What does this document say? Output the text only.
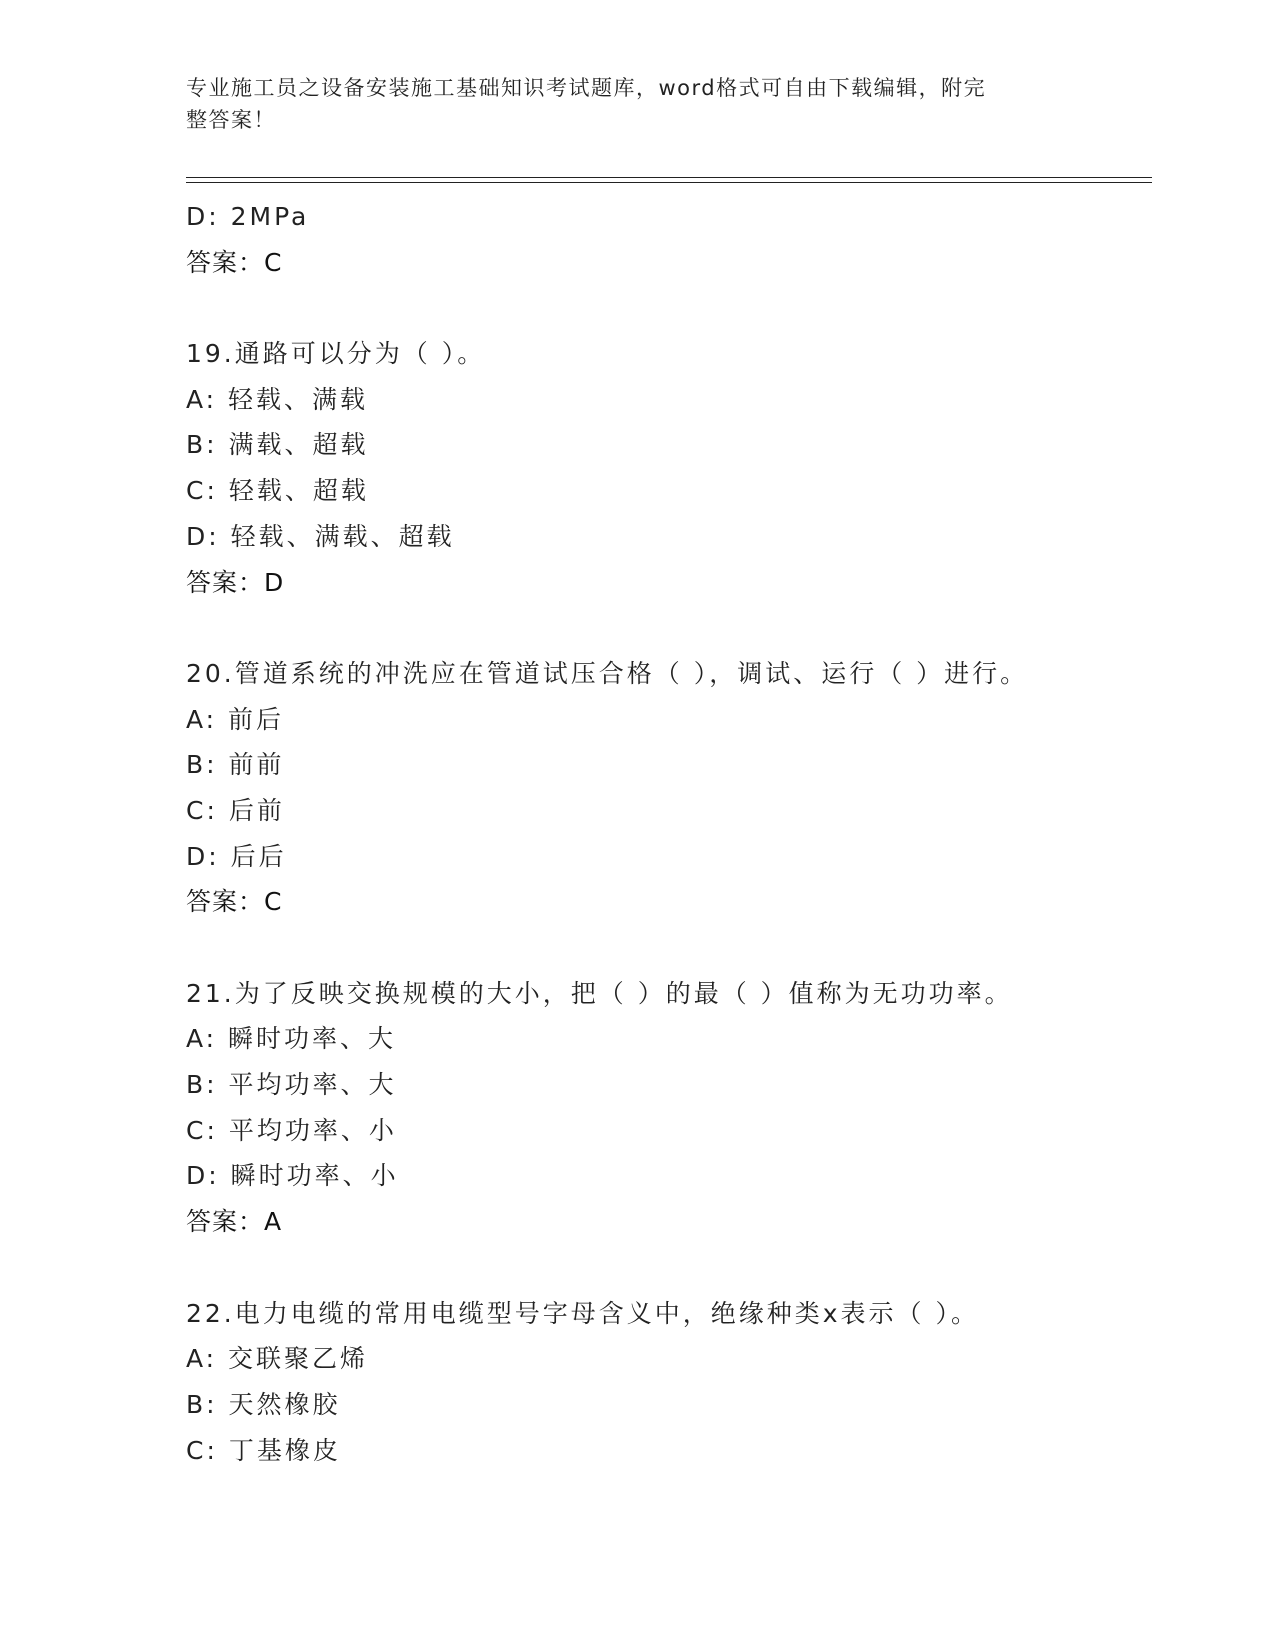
专业施工员之设备安装施工基础知识考试题库，word格式可自由下载编辑，附完
整答案！
D: 2MPa
答案：C
19.通路可以分为（ ）。
A: 轻载、满载
B: 满载、超载
C: 轻载、超载
D: 轻载、满载、超载
答案：D
20.管道系统的冲洗应在管道试压合格（ ），调试、运行（ ）进行。
A: 前后
B: 前前
C: 后前
D: 后后
答案：C
21.为了反映交换规模的大小，把（ ）的最（ ）值称为无功功率。
A: 瞬时功率、大
B: 平均功率、大
C: 平均功率、小
D: 瞬时功率、小
答案：A
22.电力电缆的常用电缆型号字母含义中，绝缘种类x表示（ ）。
A: 交联聚乙烯
B: 天然橡胶
C: 丁基橡皮
